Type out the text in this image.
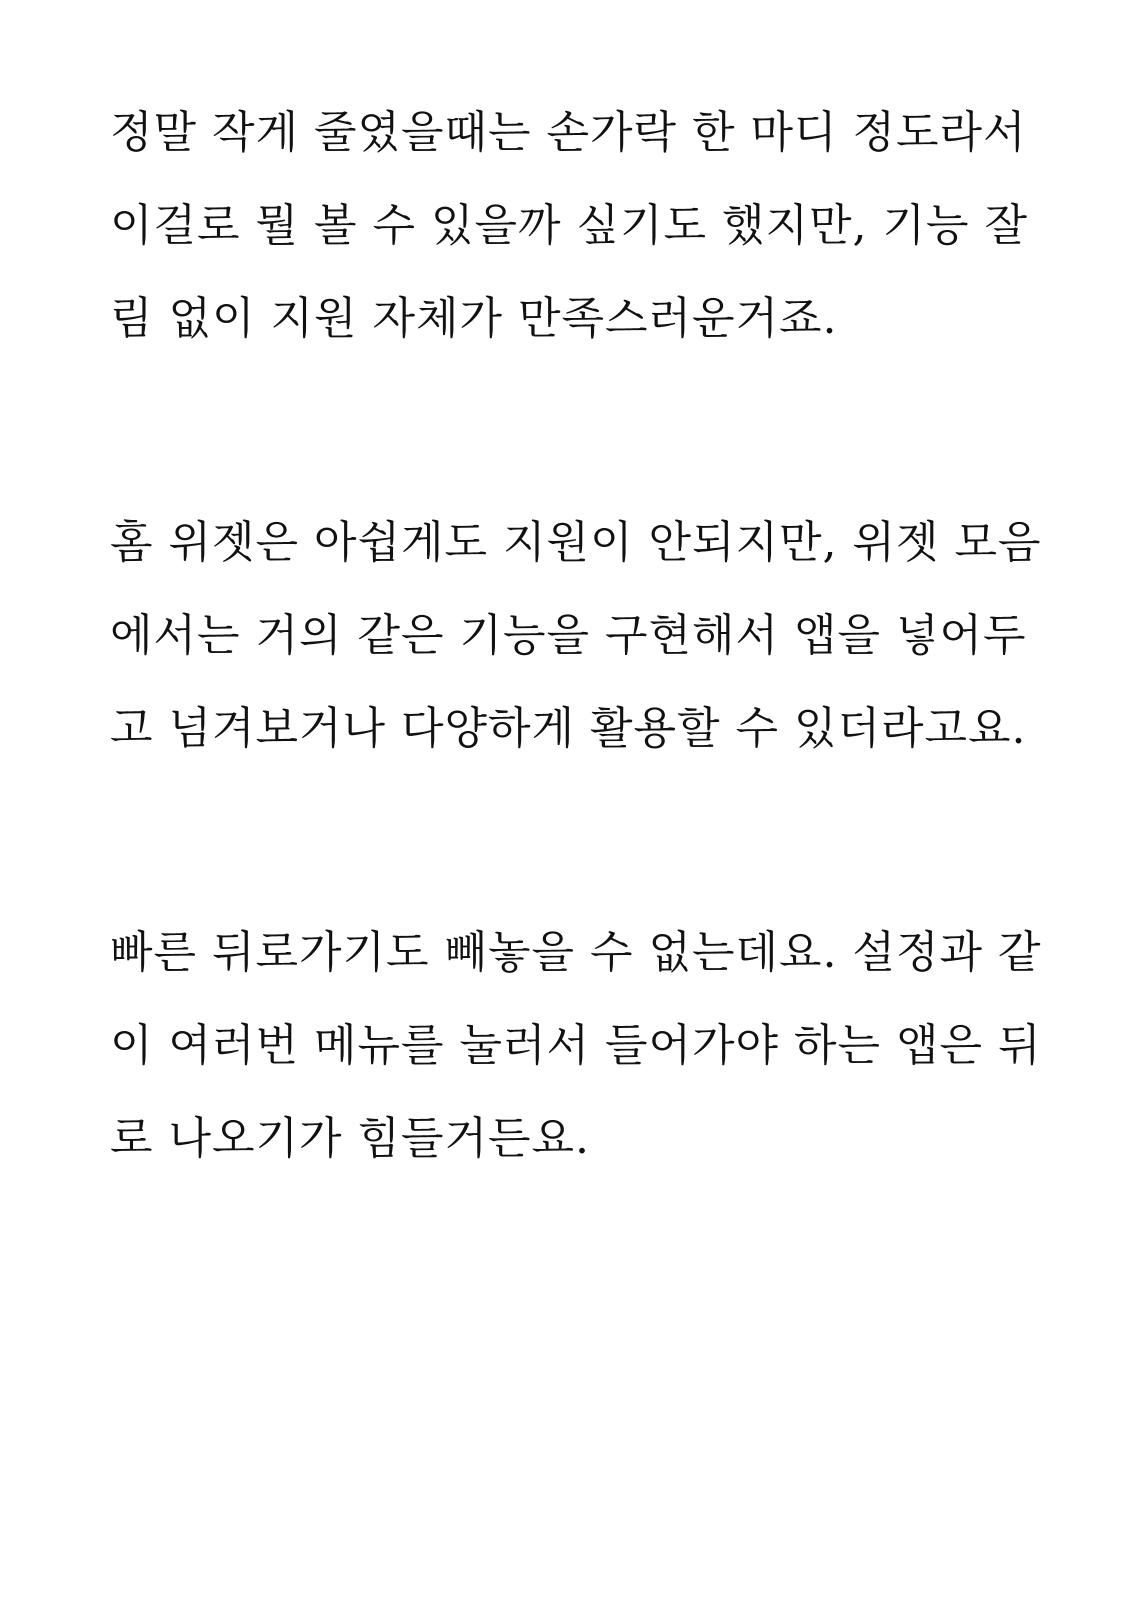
정말 작게 줄였을때는 손가락 한 마디 정도라서
이걸로 뭘 볼 수 있을까 싶기도 했지만, 기능 잘
림 없이 지원 자체가 만족스러운거죠.

홈 위젯은 아쉽게도 지원이 안되지만, 위젯 모음
에서는 거의 같은 기능을 구현해서 앱을 넣어두
고 넘겨보거나 다양하게 활용할 수 있더라고요.

빠른 뒤로가기도 빼놓을 수 없는데요. 설정과 같
이 여러번 메뉴를 눌러서 들어가야 하는 앱은 뒤
로 나오기가 힘들거든요.
